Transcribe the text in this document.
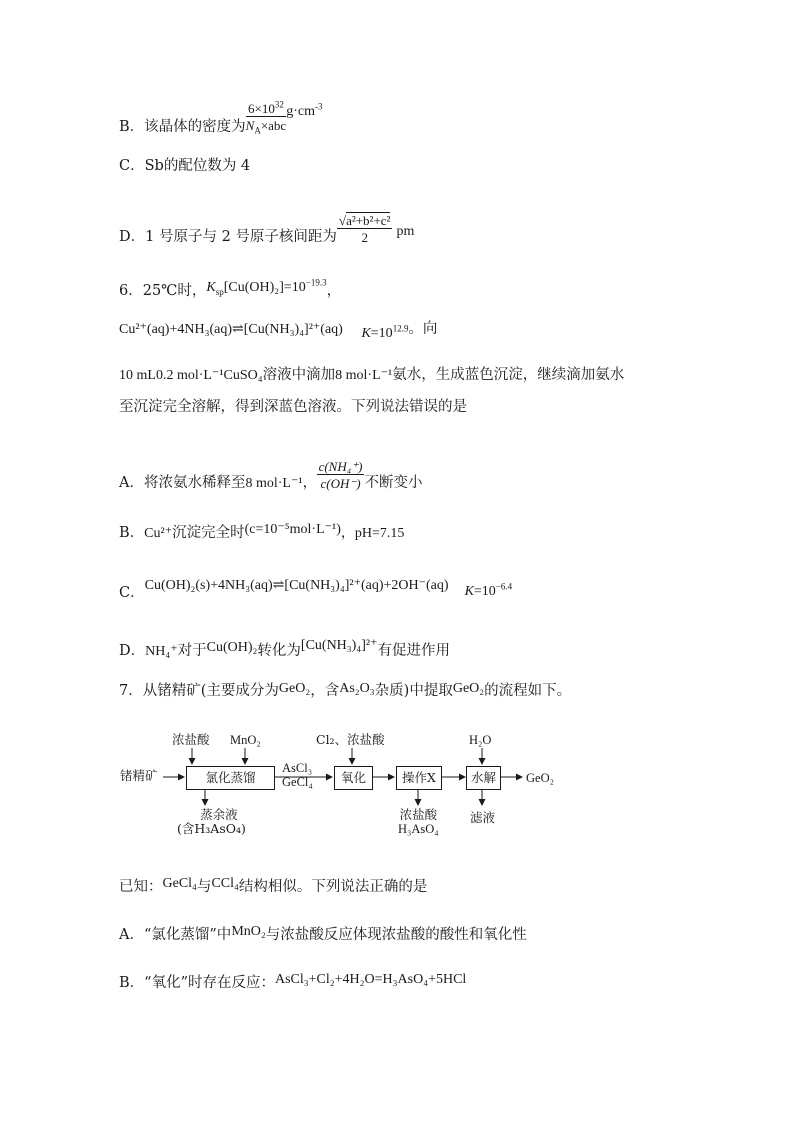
B．该晶体的密度为 $\frac{6\times 10^{32}}{N_A\times abc} g\cdot cm^{-3}$
C．Sb的配位数为 4
D．1 号原子与 2 号原子核间距为 $\frac{\text{√a²+b²+c²}}{2}$ pm
6．25℃时，$K_{sp}[Cu(OH)_2]=10^{-19.3}$，
Cu²⁺(aq)+4NH₃(aq)⇌[Cu(NH₃)₄]²⁺(aq) $K=10^{12.9}$。向
10 mL0.2 mol·L⁻¹CuSO₄溶液中滴加8 mol·L⁻¹氨水，生成蓝色沉淀，继续滴加氨水
至沉淀完全溶解，得到深蓝色溶液。下列说法错误的是
A．将浓氨水稀释至8 mol·L⁻¹， $\frac{\text{c(NH₄⁺)}}{c(OH^-)}$ 不断变小
B．Cu²⁺沉淀完全时(c=10⁻⁵mol·L⁻¹)，pH=7.15
C．Cu(OH)₂(s)+4NH₃(aq)⇌[Cu(NH₃)₄]²⁺(aq)+2OH⁻(aq) $K=10^{-6.4}$
D．NH₄⁺对于Cu(OH)₂转化为[Cu(NH₃)₄]²⁺有促进作用
7．从锗精矿(主要成分为GeO₂，含As₂O₃杂质)中提取GeO₂的流程如下。
锗精矿
浓盐酸 MnO₂
氯化蒸馏
AsCl₃
GeCl₄
Cl₂、浓盐酸
氧化	操作X
H₂O
水解	GeO₂
蒸余液
(含H₃AsO₄)
浓盐酸
H₃AsO₄
滤液
已知：GeCl₄与CCl₄结构相似。下列说法正确的是
A．“氯化蒸馏”中MnO₂与浓盐酸反应体现浓盐酸的酸性和氧化性
B．“氧化”时存在反应：AsCl₃+Cl₂+4H₂O=H₃AsO₄+5HCl
